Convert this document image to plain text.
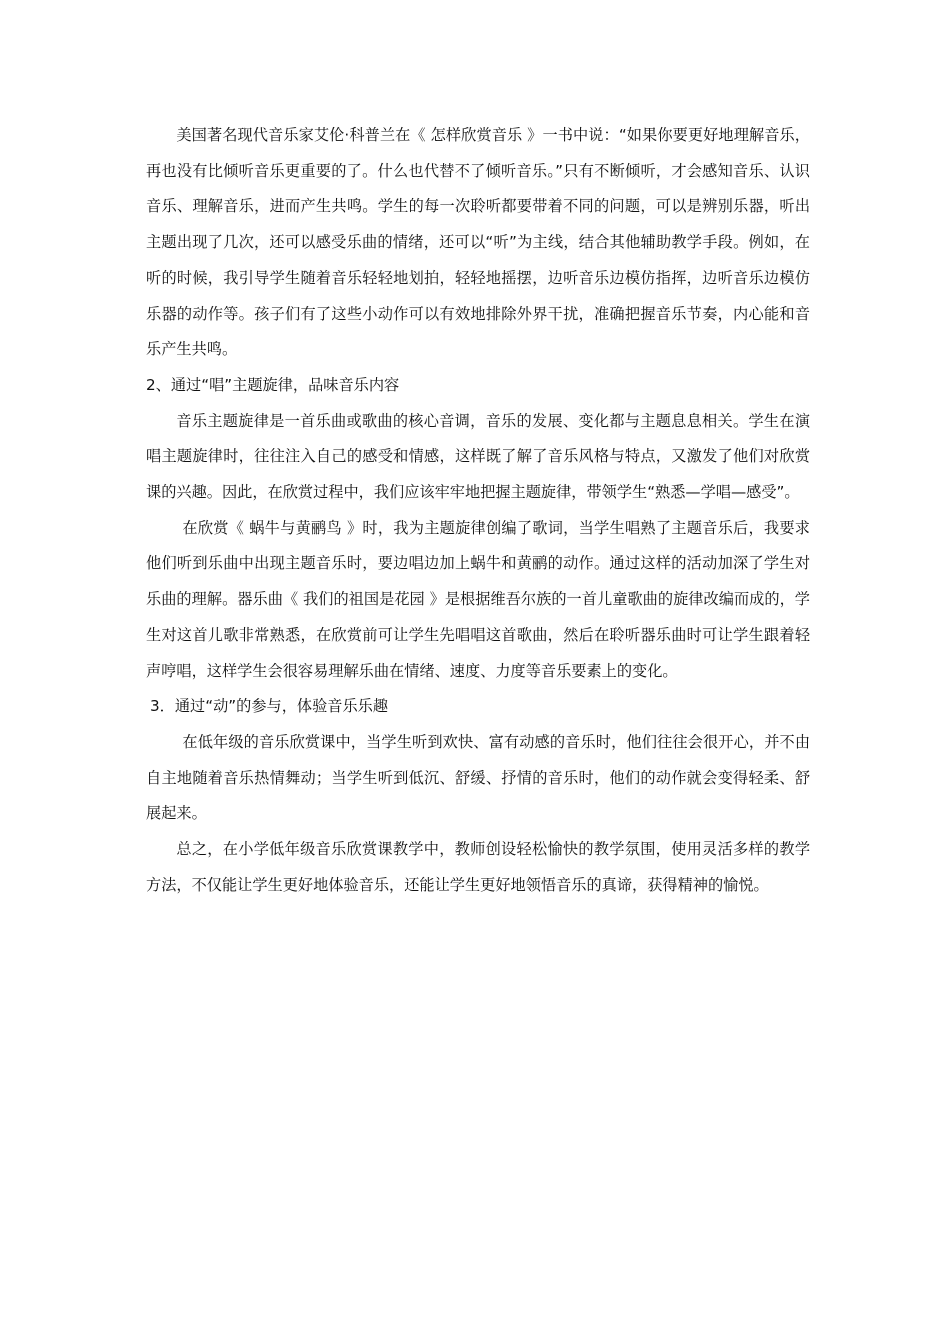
美国著名现代音乐家艾伦·科普兰在《 怎样欣赏音乐 》一书中说：“如果你要更好地理解音乐，再也没有比倾听音乐更重要的了。什么也代替不了倾听音乐。”只有不断倾听，才会感知音乐、认识音乐、理解音乐，进而产生共鸣。学生的每一次聆听都要带着不同的问题，可以是辨别乐器，听出主题出现了几次，还可以感受乐曲的情绪，还可以“听”为主线，结合其他辅助教学手段。例如，在听的时候，我引导学生随着音乐轻轻地划拍，轻轻地摇摆，边听音乐边模仿指挥，边听音乐边模仿乐器的动作等。孩子们有了这些小动作可以有效地排除外界干扰，准确把握音乐节奏，内心能和音乐产生共鸣。

2、通过“唱”主题旋律，品味音乐内容

音乐主题旋律是一首乐曲或歌曲的核心音调，音乐的发展、变化都与主题息息相关。学生在演唱主题旋律时，往往注入自己的感受和情感，这样既了解了音乐风格与特点，又激发了他们对欣赏课的兴趣。因此，在欣赏过程中，我们应该牢牢地把握主题旋律，带领学生“熟悉—学唱—感受”。

在欣赏《 蜗牛与黄鹂鸟 》时，我为主题旋律创编了歌词，当学生唱熟了主题音乐后，我要求他们听到乐曲中出现主题音乐时，要边唱边加上蜗牛和黄鹂的动作。通过这样的活动加深了学生对乐曲的理解。器乐曲《 我们的祖国是花园 》是根据维吾尔族的一首儿童歌曲的旋律改编而成的，学生对这首儿歌非常熟悉，在欣赏前可让学生先唱唱这首歌曲，然后在聆听器乐曲时可让学生跟着轻声哼唱，这样学生会很容易理解乐曲在情绪、速度、力度等音乐要素上的变化。

3．通过“动”的参与，体验音乐乐趣

在低年级的音乐欣赏课中，当学生听到欢快、富有动感的音乐时，他们往往会很开心，并不由自主地随着音乐热情舞动；当学生听到低沉、舒缓、抒情的音乐时，他们的动作就会变得轻柔、舒展起来。

总之，在小学低年级音乐欣赏课教学中，教师创设轻松愉快的教学氛围，使用灵活多样的教学方法，不仅能让学生更好地体验音乐，还能让学生更好地领悟音乐的真谛，获得精神的愉悦。
